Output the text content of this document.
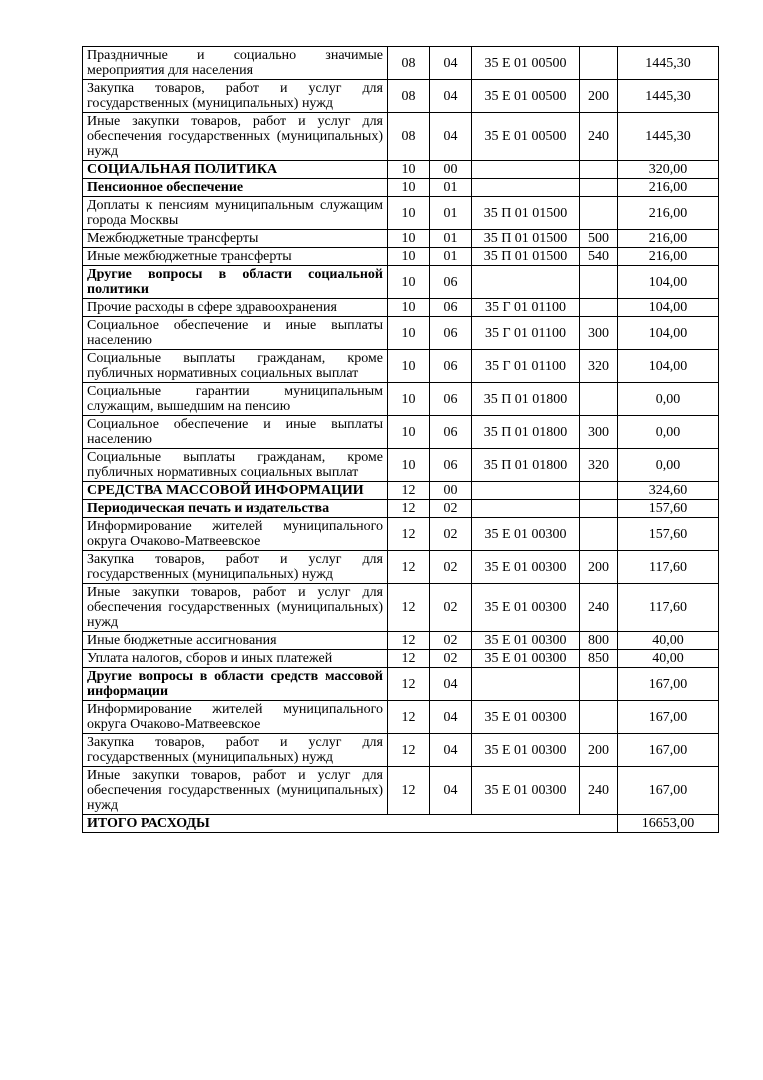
Праздничные и социально значимые мероприятия для населения	08	04	35 Е 01 00500		1445,30
Закупка товаров, работ и услуг для государственных (муниципальных) нужд	08	04	35 Е 01 00500	200	1445,30
Иные закупки товаров, работ и услуг для обеспечения государственных (муниципальных) нужд	08	04	35 Е 01 00500	240	1445,30
СОЦИАЛЬНАЯ ПОЛИТИКА	10	00			320,00
Пенсионное обеспечение	10	01			216,00
Доплаты к пенсиям муниципальным служащим города Москвы	10	01	35 П 01 01500		216,00
Межбюджетные трансферты	10	01	35 П 01 01500	500	216,00
Иные межбюджетные трансферты	10	01	35 П 01 01500	540	216,00
Другие вопросы в области социальной политики	10	06			104,00
Прочие расходы в сфере здравоохранения	10	06	35 Г 01 01100		104,00
Социальное обеспечение и иные выплаты населению	10	06	35 Г 01 01100	300	104,00
Социальные выплаты гражданам, кроме публичных нормативных социальных выплат	10	06	35 Г 01 01100	320	104,00
Социальные гарантии муниципальным служащим, вышедшим на пенсию	10	06	35 П 01 01800		0,00
Социальное обеспечение и иные выплаты населению	10	06	35 П 01 01800	300	0,00
Социальные выплаты гражданам, кроме публичных нормативных социальных выплат	10	06	35 П 01 01800	320	0,00
СРЕДСТВА МАССОВОЙ ИНФОРМАЦИИ	12	00			324,60
Периодическая печать и издательства	12	02			157,60
Информирование жителей муниципального округа Очаково-Матвеевское	12	02	35 Е 01 00300		157,60
Закупка товаров, работ и услуг для государственных (муниципальных) нужд	12	02	35 Е 01 00300	200	117,60
Иные закупки товаров, работ и услуг для обеспечения государственных (муниципальных) нужд	12	02	35 Е 01 00300	240	117,60
Иные бюджетные ассигнования	12	02	35 Е 01 00300	800	40,00
Уплата налогов, сборов и иных платежей	12	02	35 Е 01 00300	850	40,00
Другие вопросы в области средств массовой информации	12	04			167,00
Информирование жителей муниципального округа Очаково-Матвеевское	12	04	35 Е 01 00300		167,00
Закупка товаров, работ и услуг для государственных (муниципальных) нужд	12	04	35 Е 01 00300	200	167,00
Иные закупки товаров, работ и услуг для обеспечения государственных (муниципальных) нужд	12	04	35 Е 01 00300	240	167,00
ИТОГО РАСХОДЫ					16653,00
